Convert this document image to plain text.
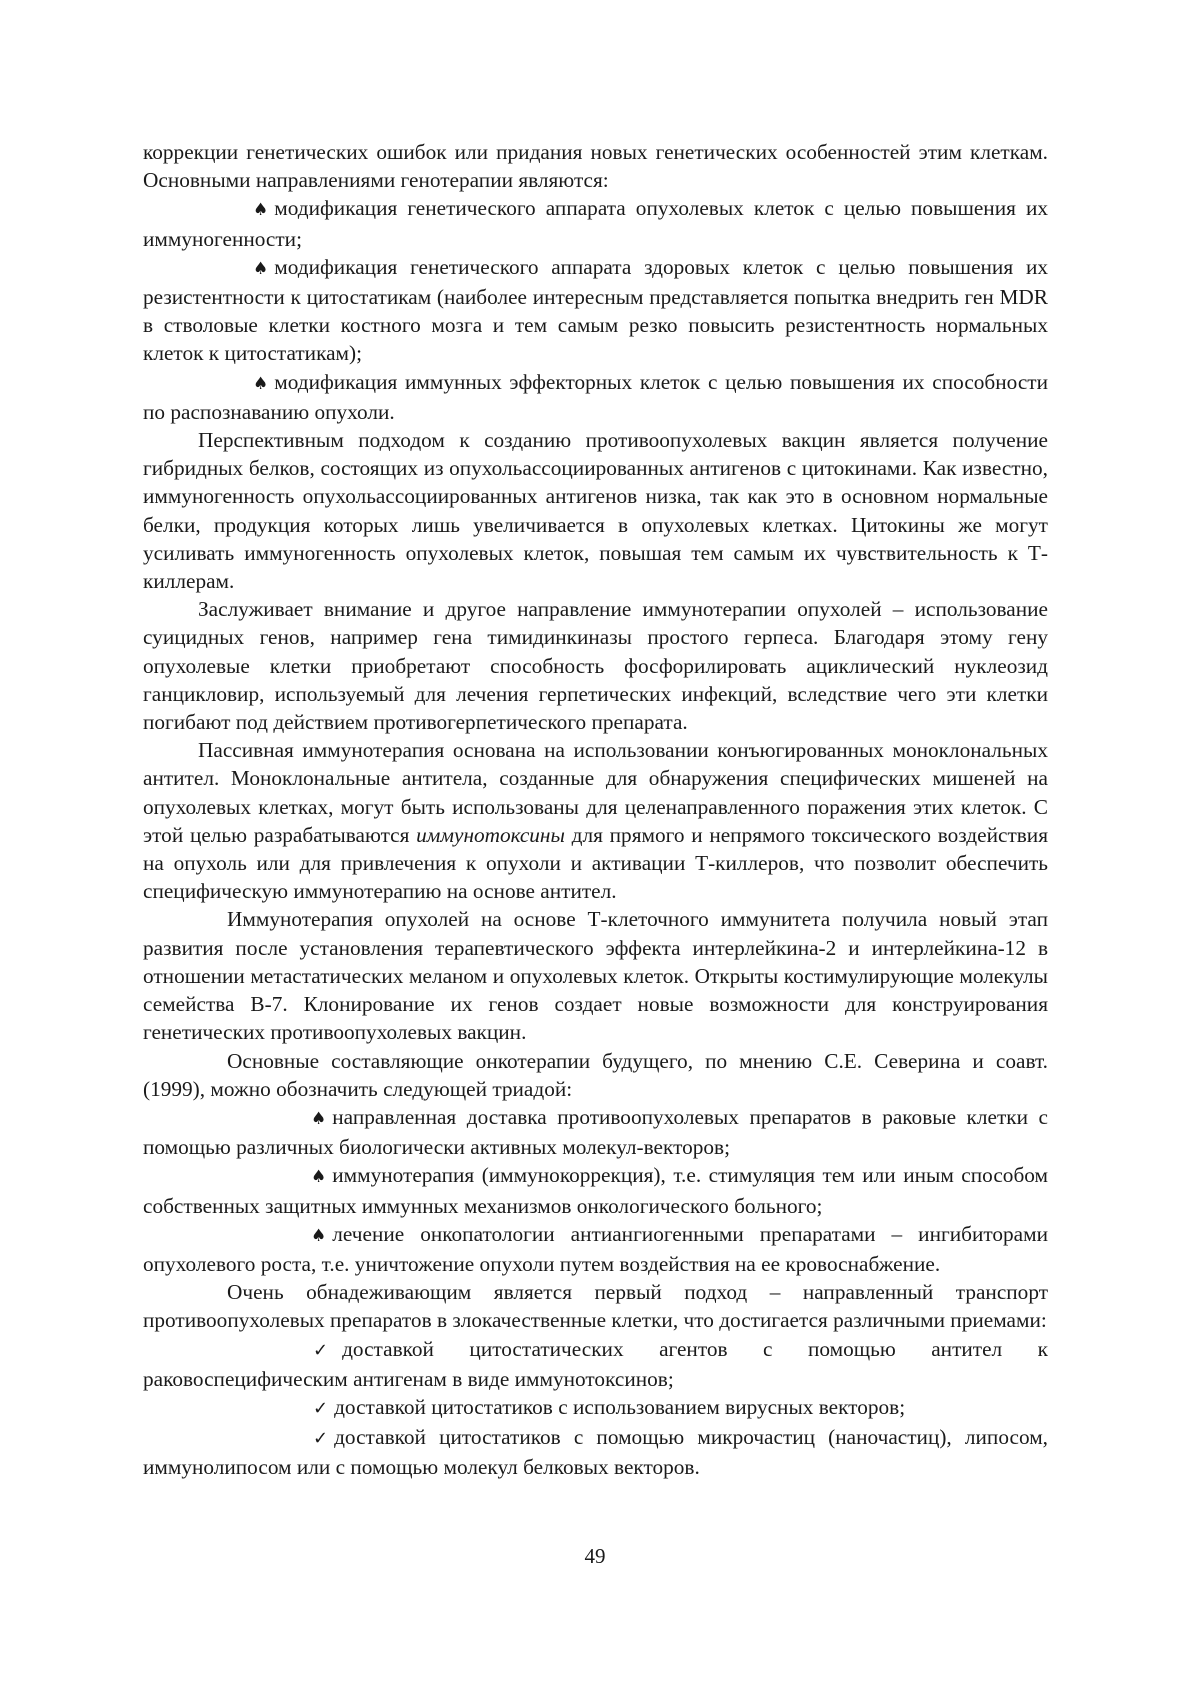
коррекции генетических ошибок или придания новых генетических особенностей этим клеткам. Основными направлениями генотерапии являются:

♠ модификация генетического аппарата опухолевых клеток с целью повышения их иммуногенности;

♠ модификация генетического аппарата здоровых клеток с целью повышения их резистентности к цитостатикам (наиболее интересным представляется попытка внедрить ген MDR в стволовые клетки костного мозга и тем самым резко повысить резистентность нормальных клеток к цитостатикам);

♠ модификация иммунных эффекторных клеток с целью повышения их способности по распознаванию опухоли.

Перспективным подходом к созданию противоопухолевых вакцин является получение гибридных белков, состоящих из опухольассоциированных антигенов с цитокинами. Как известно, иммуногенность опухольассоциированных антигенов низка, так как это в основном нормальные белки, продукция которых лишь увеличивается в опухолевых клетках. Цитокины же могут усиливать иммуногенность опухолевых клеток, повышая тем самым их чувствительность к Т-киллерам.

Заслуживает внимание и другое направление иммунотерапии опухолей – использование суицидных генов, например гена тимидинкиназы простого герпеса. Благодаря этому гену опухолевые клетки приобретают способность фосфорилировать ациклический нуклеозид ганцикловир, используемый для лечения герпетических инфекций, вследствие чего эти клетки погибают под действием противогерпетического препарата.

Пассивная иммунотерапия основана на использовании конъюгированных моноклональных антител. Моноклональные антитела, созданные для обнаружения специфических мишеней на опухолевых клетках, могут быть использованы для целенаправленного поражения этих клеток. С этой целью разрабатываются иммунотоксины для прямого и непрямого токсического воздействия на опухоль или для привлечения к опухоли и активации Т-киллеров, что позволит обеспечить специфическую иммунотерапию на основе антител.

Иммунотерапия опухолей на основе Т-клеточного иммунитета получила новый этап развития после установления терапевтического эффекта интерлейкина-2 и интерлейкина-12 в отношении метастатических меланом и опухолевых клеток. Открыты костимулирующие молекулы семейства В-7. Клонирование их генов создает новые возможности для конструирования генетических противоопухолевых вакцин.

Основные составляющие онкотерапии будущего, по мнению С.Е. Северина и соавт. (1999), можно обозначить следующей триадой:

♠ направленная доставка противоопухолевых препаратов в раковые клетки с помощью различных биологически активных молекул-векторов;

♠ иммунотерапия (иммунокоррекция), т.е. стимуляция тем или иным способом собственных защитных иммунных механизмов онкологического больного;

♠ лечение онкопатологии антиангиогенными препаратами – ингибиторами опухолевого роста, т.е. уничтожение опухоли путем воздействия на ее кровоснабжение.

Очень обнадеживающим является первый подход – направленный транспорт противоопухолевых препаратов в злокачественные клетки, что достигается различными приемами:

✓ доставкой цитостатических агентов с помощью антител к раковоспецифическим антигенам в виде иммунотоксинов;

✓ доставкой цитостатиков с использованием вирусных векторов;

✓ доставкой цитостатиков с помощью микрочастиц (наночастиц), липосом, иммунолипосом или с помощью молекул белковых векторов.

49
